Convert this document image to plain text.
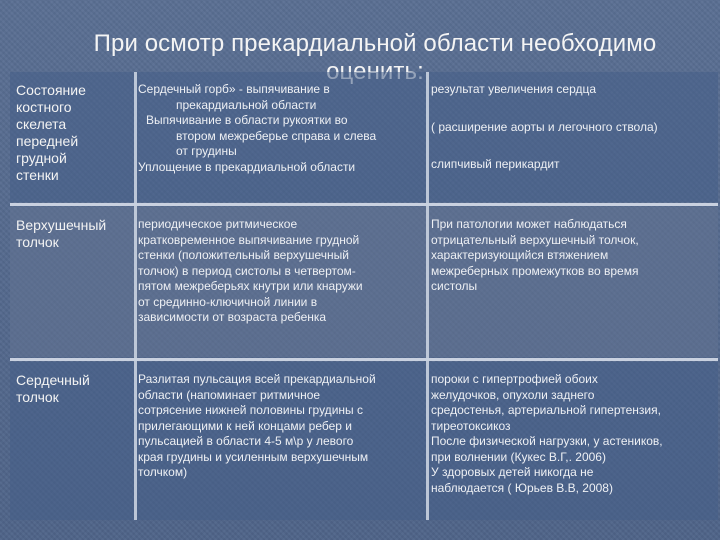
При осмотр прекардиальной области необходимо
Состояние
костного
скелета
передней
грудной
стенки
Сердечный горб» - выпячивание в
прекардиальной области
Выпячивание в области рукоятки во
втором межреберье справа и слева
от грудины
Уплощение в прекардиальной области
результат увеличения сердца
( расширение аорты и легочного ствола)
слипчивый перикардит
Верхушечный
толчок
периодическое ритмическое
кратковременное выпячивание грудной
стенки (положительный верхушечный
толчок) в период систолы в четвертом-
пятом межреберьях кнутри или кнаружи
от срединно-ключичной линии в
зависимости от возраста ребенка
При патологии может наблюдаться
отрицательный верхушечный толчок,
характеризующийся втяжением
межреберных промежутков во время
систолы
Сердечный
толчок
Разлитая пульсация всей прекардиальной
области (напоминает ритмичное
сотрясение нижней половины грудины с
прилегающими к ней концами ребер и
пульсацией в области 4-5 м\р у левого
края грудины и усиленным верхушечным
толчком)
пороки с гипертрофией обоих
желудочков, опухоли заднего
средостенья, артериальной гипертензия,
тиреотоксикоз
После физической нагрузки, у астеников,
при волнении (Кукес В.Г,. 2006)
У здоровых детей никогда не
наблюдается ( Юрьев В.В, 2008)
